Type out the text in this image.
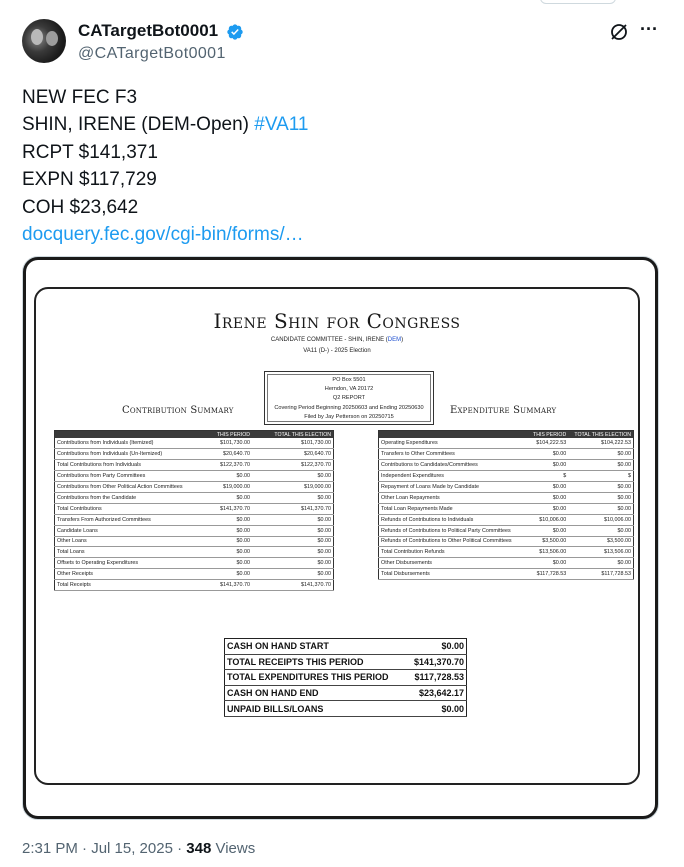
CATargetBot0001
@CATargetBot0001
···
NEW FEC F3
SHIN, IRENE (DEM-Open) #VA11
RCPT $141,371
EXPN $117,729
COH $23,642
docquery.fec.gov/cgi-bin/forms/…
Irene Shin for Congress
CANDIDATE COMMITTEE - SHIN, IRENE (DEM)
VA11 (D-) - 2025 Election
PO Box 5501
Herndon, VA 20172
Q2 REPORT
Covering Period Beginning 20250603 and Ending 20250630
Filed by Jay Petterson on 20250715
Contribution Summary	Expenditure Summary
	THIS PERIOD	TOTAL THIS ELECTION
Contributions from Individuals (Itemized)	$101,730.00	$101,730.00
Contributions from Individuals (Un-Itemized)	$20,640.70	$20,640.70
Total Contributions from Individuals	$122,370.70	$122,370.70
Contributions from Party Committees	$0.00	$0.00
Contributions from Other Political Action Committees	$19,000.00	$19,000.00
Contributions from the Candidate	$0.00	$0.00
Total Contributions	$141,370.70	$141,370.70
Transfers From Authorized Committees	$0.00	$0.00
Candidate Loans	$0.00	$0.00
Other Loans	$0.00	$0.00
Total Loans	$0.00	$0.00
Offsets to Operating Expenditures	$0.00	$0.00
Other Receipts	$0.00	$0.00
Total Receipts	$141,370.70	$141,370.70
	THIS PERIOD	TOTAL THIS ELECTION
Operating Expenditures	$104,222.53	$104,222.53
Transfers to Other Committees	$0.00	$0.00
Contributions to Candidates/Committees	$0.00	$0.00
Independent Expenditures	$	$
Repayment of Loans Made by Candidate	$0.00	$0.00
Other Loan Repayments	$0.00	$0.00
Total Loan Repayments Made	$0.00	$0.00
Refunds of Contributions to Individuals	$10,006.00	$10,006.00
Refunds of Contributions to Political Party Committees	$0.00	$0.00
Refunds of Contributions to Other Political Committees	$3,500.00	$3,500.00
Total Contribution Refunds	$13,506.00	$13,506.00
Other Disbursements	$0.00	$0.00
Total Disbursements	$117,728.53	$117,728.53
CASH ON HAND START	$0.00
TOTAL RECEIPTS THIS PERIOD	$141,370.70
TOTAL EXPENDITURES THIS PERIOD	$117,728.53
CASH ON HAND END	$23,642.17
UNPAID BILLS/LOANS	$0.00
2:31 PM · Jul 15, 2025 · 348 Views
